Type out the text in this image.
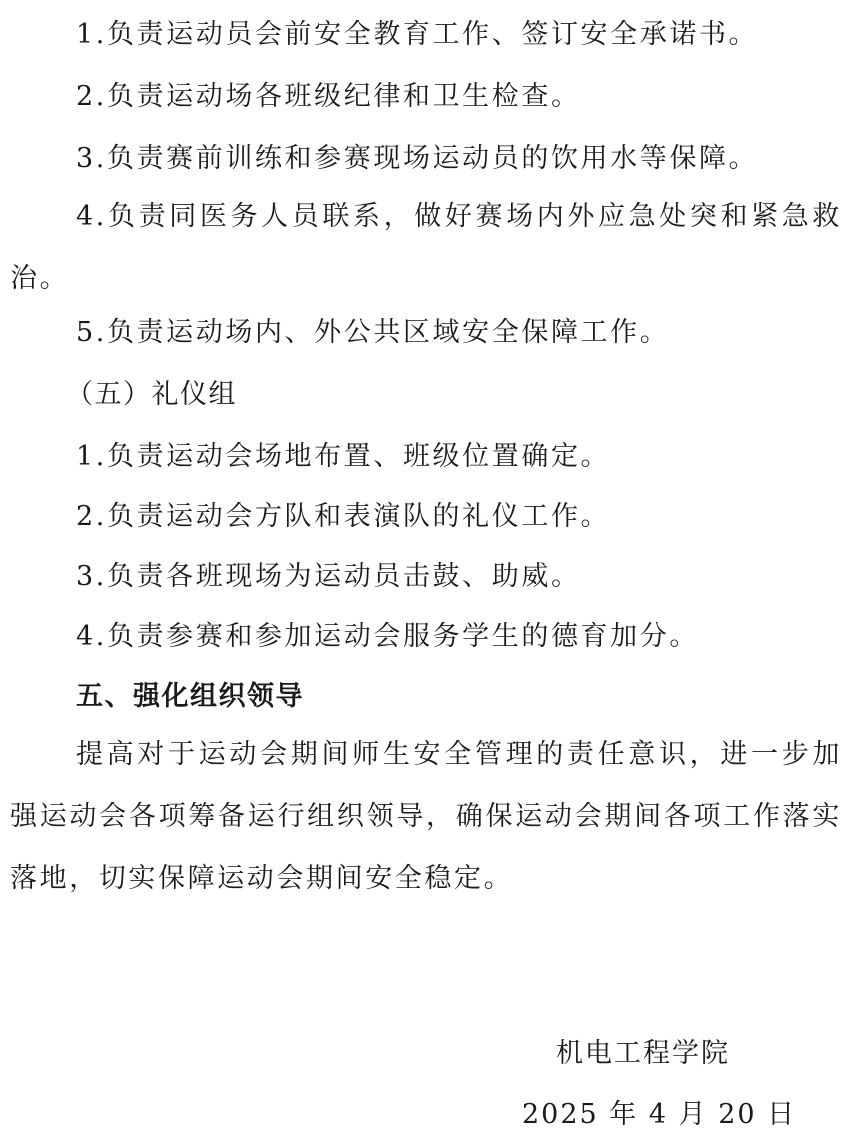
1.负责运动员会前安全教育工作、签订安全承诺书。
2.负责运动场各班级纪律和卫生检查。
3.负责赛前训练和参赛现场运动员的饮用水等保障。
4.负责同医务人员联系，做好赛场内外应急处突和紧急救治。
5.负责运动场内、外公共区域安全保障工作。
（五）礼仪组
1.负责运动会场地布置、班级位置确定。
2.负责运动会方队和表演队的礼仪工作。
3.负责各班现场为运动员击鼓、助威。
4.负责参赛和参加运动会服务学生的德育加分。
五、强化组织领导
提高对于运动会期间师生安全管理的责任意识，进一步加强运动会各项筹备运行组织领导，确保运动会期间各项工作落实落地，切实保障运动会期间安全稳定。
机电工程学院
2025 年 4 月 20 日
